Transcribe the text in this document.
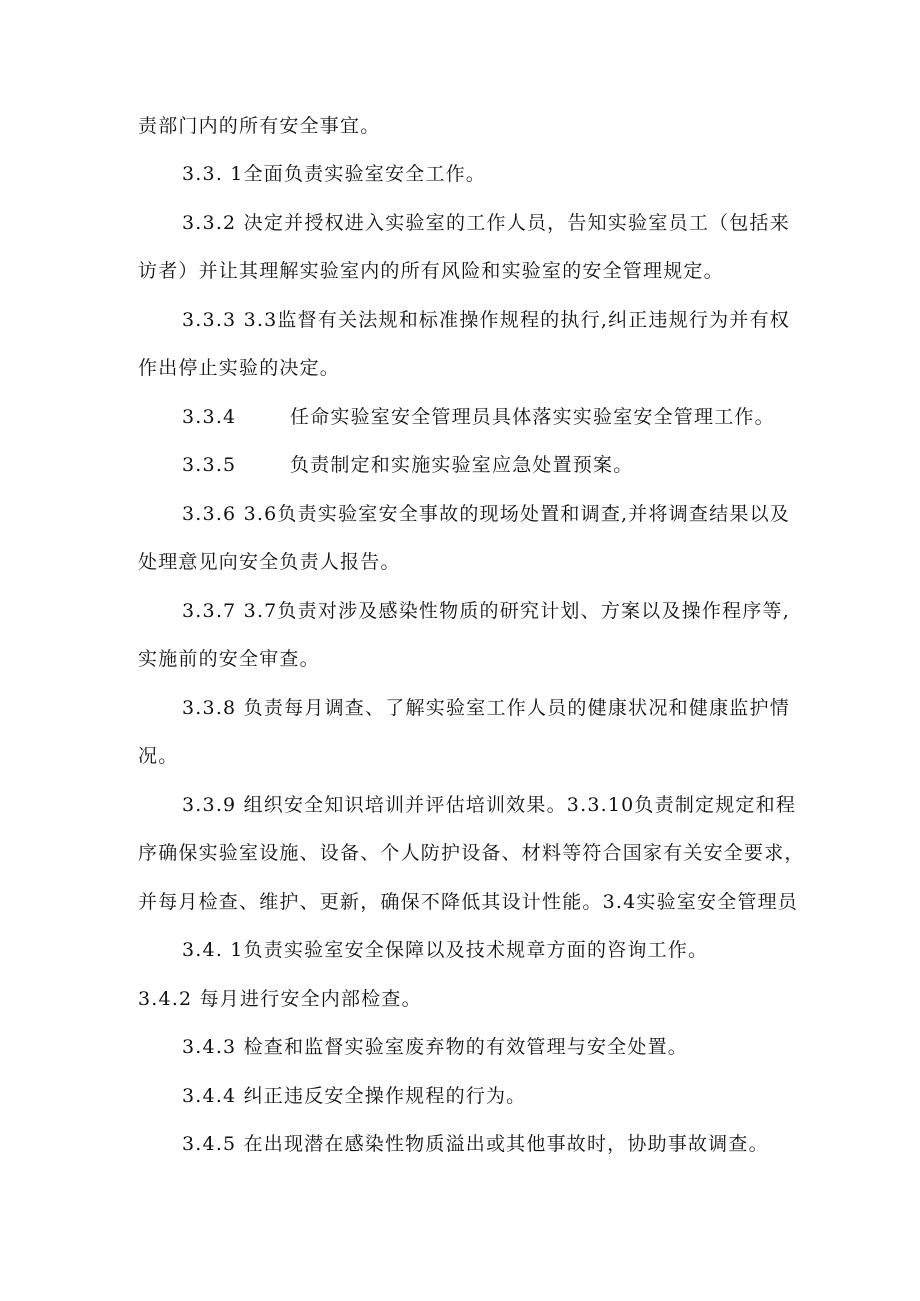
责部门内的所有安全事宜。
3.3. 1全面负责实验室安全工作。
3.3.2 决定并授权进入实验室的工作人员，告知实验室员工（包括来
访者）并让其理解实验室内的所有风险和实验室的安全管理规定。
3.3.3 3.3监督有关法规和标准操作规程的执行,纠正违规行为并有权
作出停止实验的决定。
3.3.4	任命实验室安全管理员具体落实实验室安全管理工作。
3.3.5	负责制定和实施实验室应急处置预案。
3.3.6 3.6负责实验室安全事故的现场处置和调查,并将调查结果以及
处理意见向安全负责人报告。
3.3.7 3.7负责对涉及感染性物质的研究计划、方案以及操作程序等,
实施前的安全审查。
3.3.8 负责每月调查、了解实验室工作人员的健康状况和健康监护情
况。
3.3.9 组织安全知识培训并评估培训效果。3.3.10负责制定规定和程
序确保实验室设施、设备、个人防护设备、材料等符合国家有关安全要求，
并每月检查、维护、更新，确保不降低其设计性能。3.4实验室安全管理员
3.4. 1负责实验室安全保障以及技术规章方面的咨询工作。
3.4.2 每月进行安全内部检查。
3.4.3 检查和监督实验室废弃物的有效管理与安全处置。
3.4.4 纠正违反安全操作规程的行为。
3.4.5 在出现潜在感染性物质溢出或其他事故时，协助事故调查。
